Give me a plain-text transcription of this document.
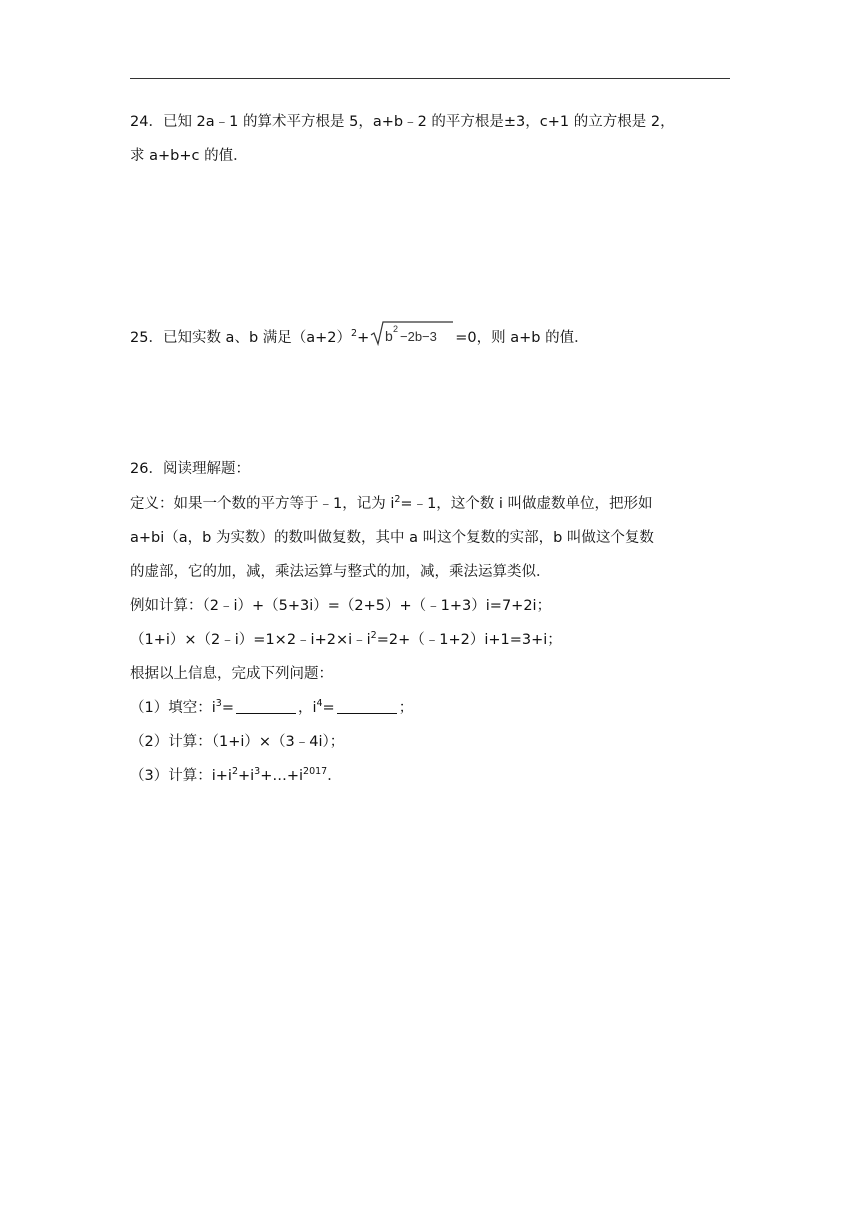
24．已知 2a﹣1 的算术平方根是 5，a+b﹣2 的平方根是±3，c+1 的立方根是 2，
求 a+b+c 的值．
25．已知实数 a、b 满足$(a+2)^2+ b$ 2 −2b−3 =0，则 a+b 的值．
26．阅读理解题：
定义：如果一个数的平方等于﹣1，记为 $i^2=﹣1$，这个数 i 叫做虚数单位，把形如
a+bi（a，b 为实数）的数叫做复数，其中 a 叫这个复数的实部，b 叫做这个复数
的虚部，它的加，减，乘法运算与整式的加，减，乘法运算类似．
例如计算：（2﹣i）+（5+3i）=（2+5）+（﹣1+3）i=7+2i；
$(1+i)\times(2﹣i)=1\times 2﹣i+2\times i﹣i^2=2+(﹣1+2)i+1=3+i$；
根据以上信息，完成下列问题：
（1）填空：$i^3=$	，$i^4=$	；
（2）计算：（1+i）×（3﹣4i）；
（3）计算：$i+i^2+i^3+\dots+i^{2017}$．
